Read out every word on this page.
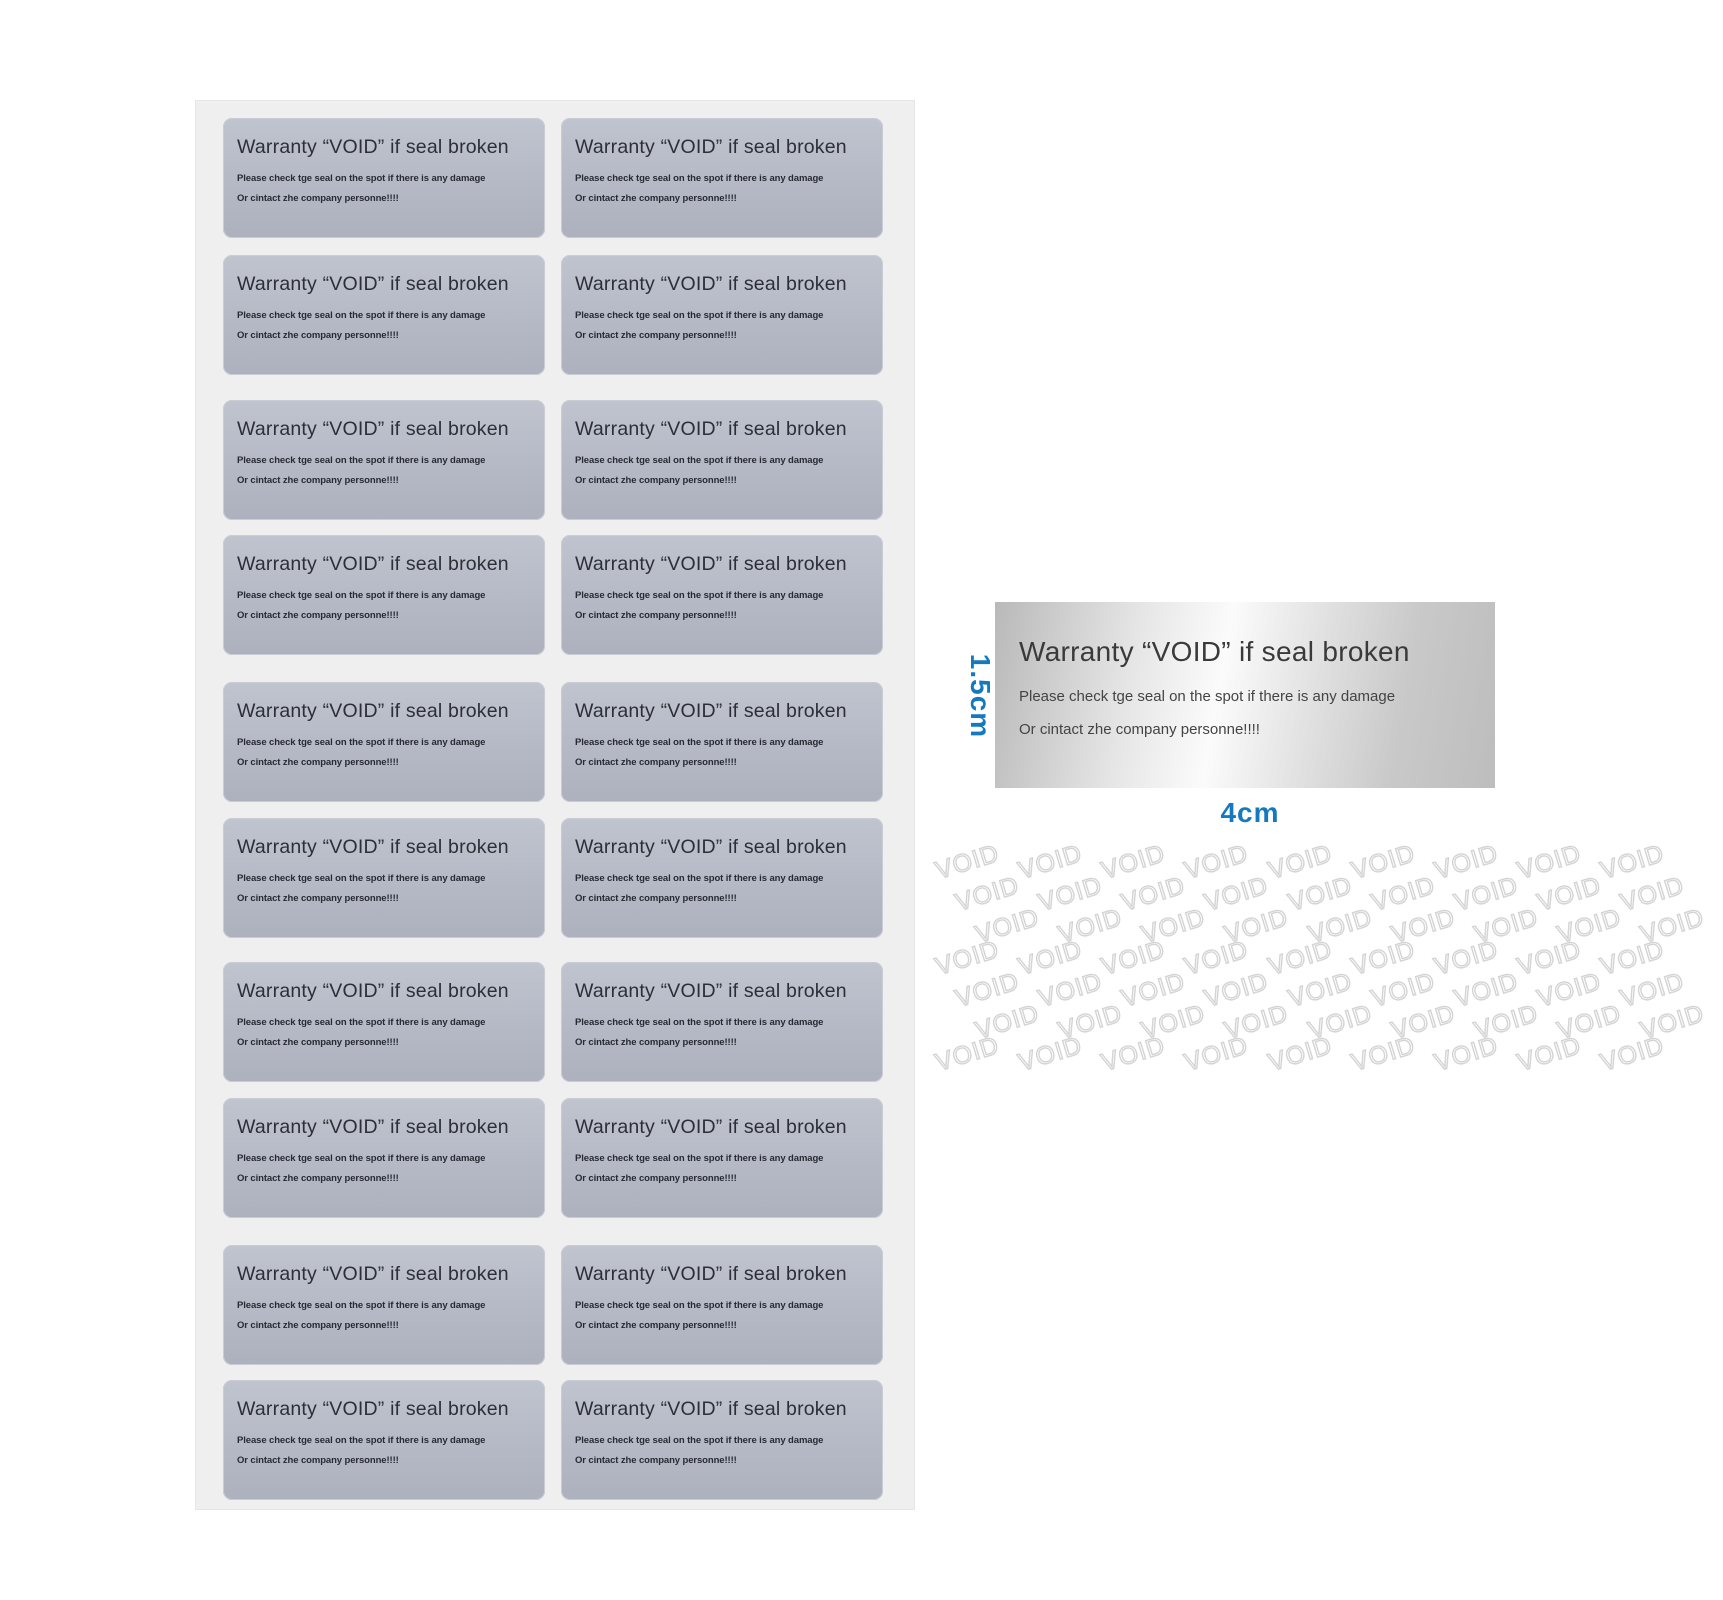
Warranty “VOID” if seal broken
Please check tge seal on the spot if there is any damage
Or cintact zhe company personne!!!!
Warranty “VOID” if seal broken
Please check tge seal on the spot if there is any damage
Or cintact zhe company personne!!!!
Warranty “VOID” if seal broken
Please check tge seal on the spot if there is any damage
Or cintact zhe company personne!!!!
Warranty “VOID” if seal broken
Please check tge seal on the spot if there is any damage
Or cintact zhe company personne!!!!
Warranty “VOID” if seal broken
Please check tge seal on the spot if there is any damage
Or cintact zhe company personne!!!!
Warranty “VOID” if seal broken
Please check tge seal on the spot if there is any damage
Or cintact zhe company personne!!!!
Warranty “VOID” if seal broken
Please check tge seal on the spot if there is any damage
Or cintact zhe company personne!!!!
Warranty “VOID” if seal broken
Please check tge seal on the spot if there is any damage
Or cintact zhe company personne!!!!
Warranty “VOID” if seal broken
Please check tge seal on the spot if there is any damage
Or cintact zhe company personne!!!!
Warranty “VOID” if seal broken
Please check tge seal on the spot if there is any damage
Or cintact zhe company personne!!!!
Warranty “VOID” if seal broken
Please check tge seal on the spot if there is any damage
Or cintact zhe company personne!!!!
Warranty “VOID” if seal broken
Please check tge seal on the spot if there is any damage
Or cintact zhe company personne!!!!
Warranty “VOID” if seal broken
Please check tge seal on the spot if there is any damage
Or cintact zhe company personne!!!!
Warranty “VOID” if seal broken
Please check tge seal on the spot if there is any damage
Or cintact zhe company personne!!!!
Warranty “VOID” if seal broken
Please check tge seal on the spot if there is any damage
Or cintact zhe company personne!!!!
Warranty “VOID” if seal broken
Please check tge seal on the spot if there is any damage
Or cintact zhe company personne!!!!
Warranty “VOID” if seal broken
Please check tge seal on the spot if there is any damage
Or cintact zhe company personne!!!!
Warranty “VOID” if seal broken
Please check tge seal on the spot if there is any damage
Or cintact zhe company personne!!!!
Warranty “VOID” if seal broken
Please check tge seal on the spot if there is any damage
Or cintact zhe company personne!!!!
Warranty “VOID” if seal broken
Please check tge seal on the spot if there is any damage
Or cintact zhe company personne!!!!
Warranty “VOID” if seal broken
Please check tge seal on the spot if there is any damage
Or cintact zhe company personne!!!!
1.5cm
4cm
VOID VOID VOID VOID VOID VOID VOID VOID VOID
VOID VOID VOID VOID VOID VOID VOID VOID VOID
VOID VOID VOID VOID VOID VOID VOID VOID VOID
VOID VOID VOID VOID VOID VOID VOID VOID VOID
VOID VOID VOID VOID VOID VOID VOID VOID VOID
VOID VOID VOID VOID VOID VOID VOID VOID VOID
VOID VOID VOID VOID VOID VOID VOID VOID VOID
